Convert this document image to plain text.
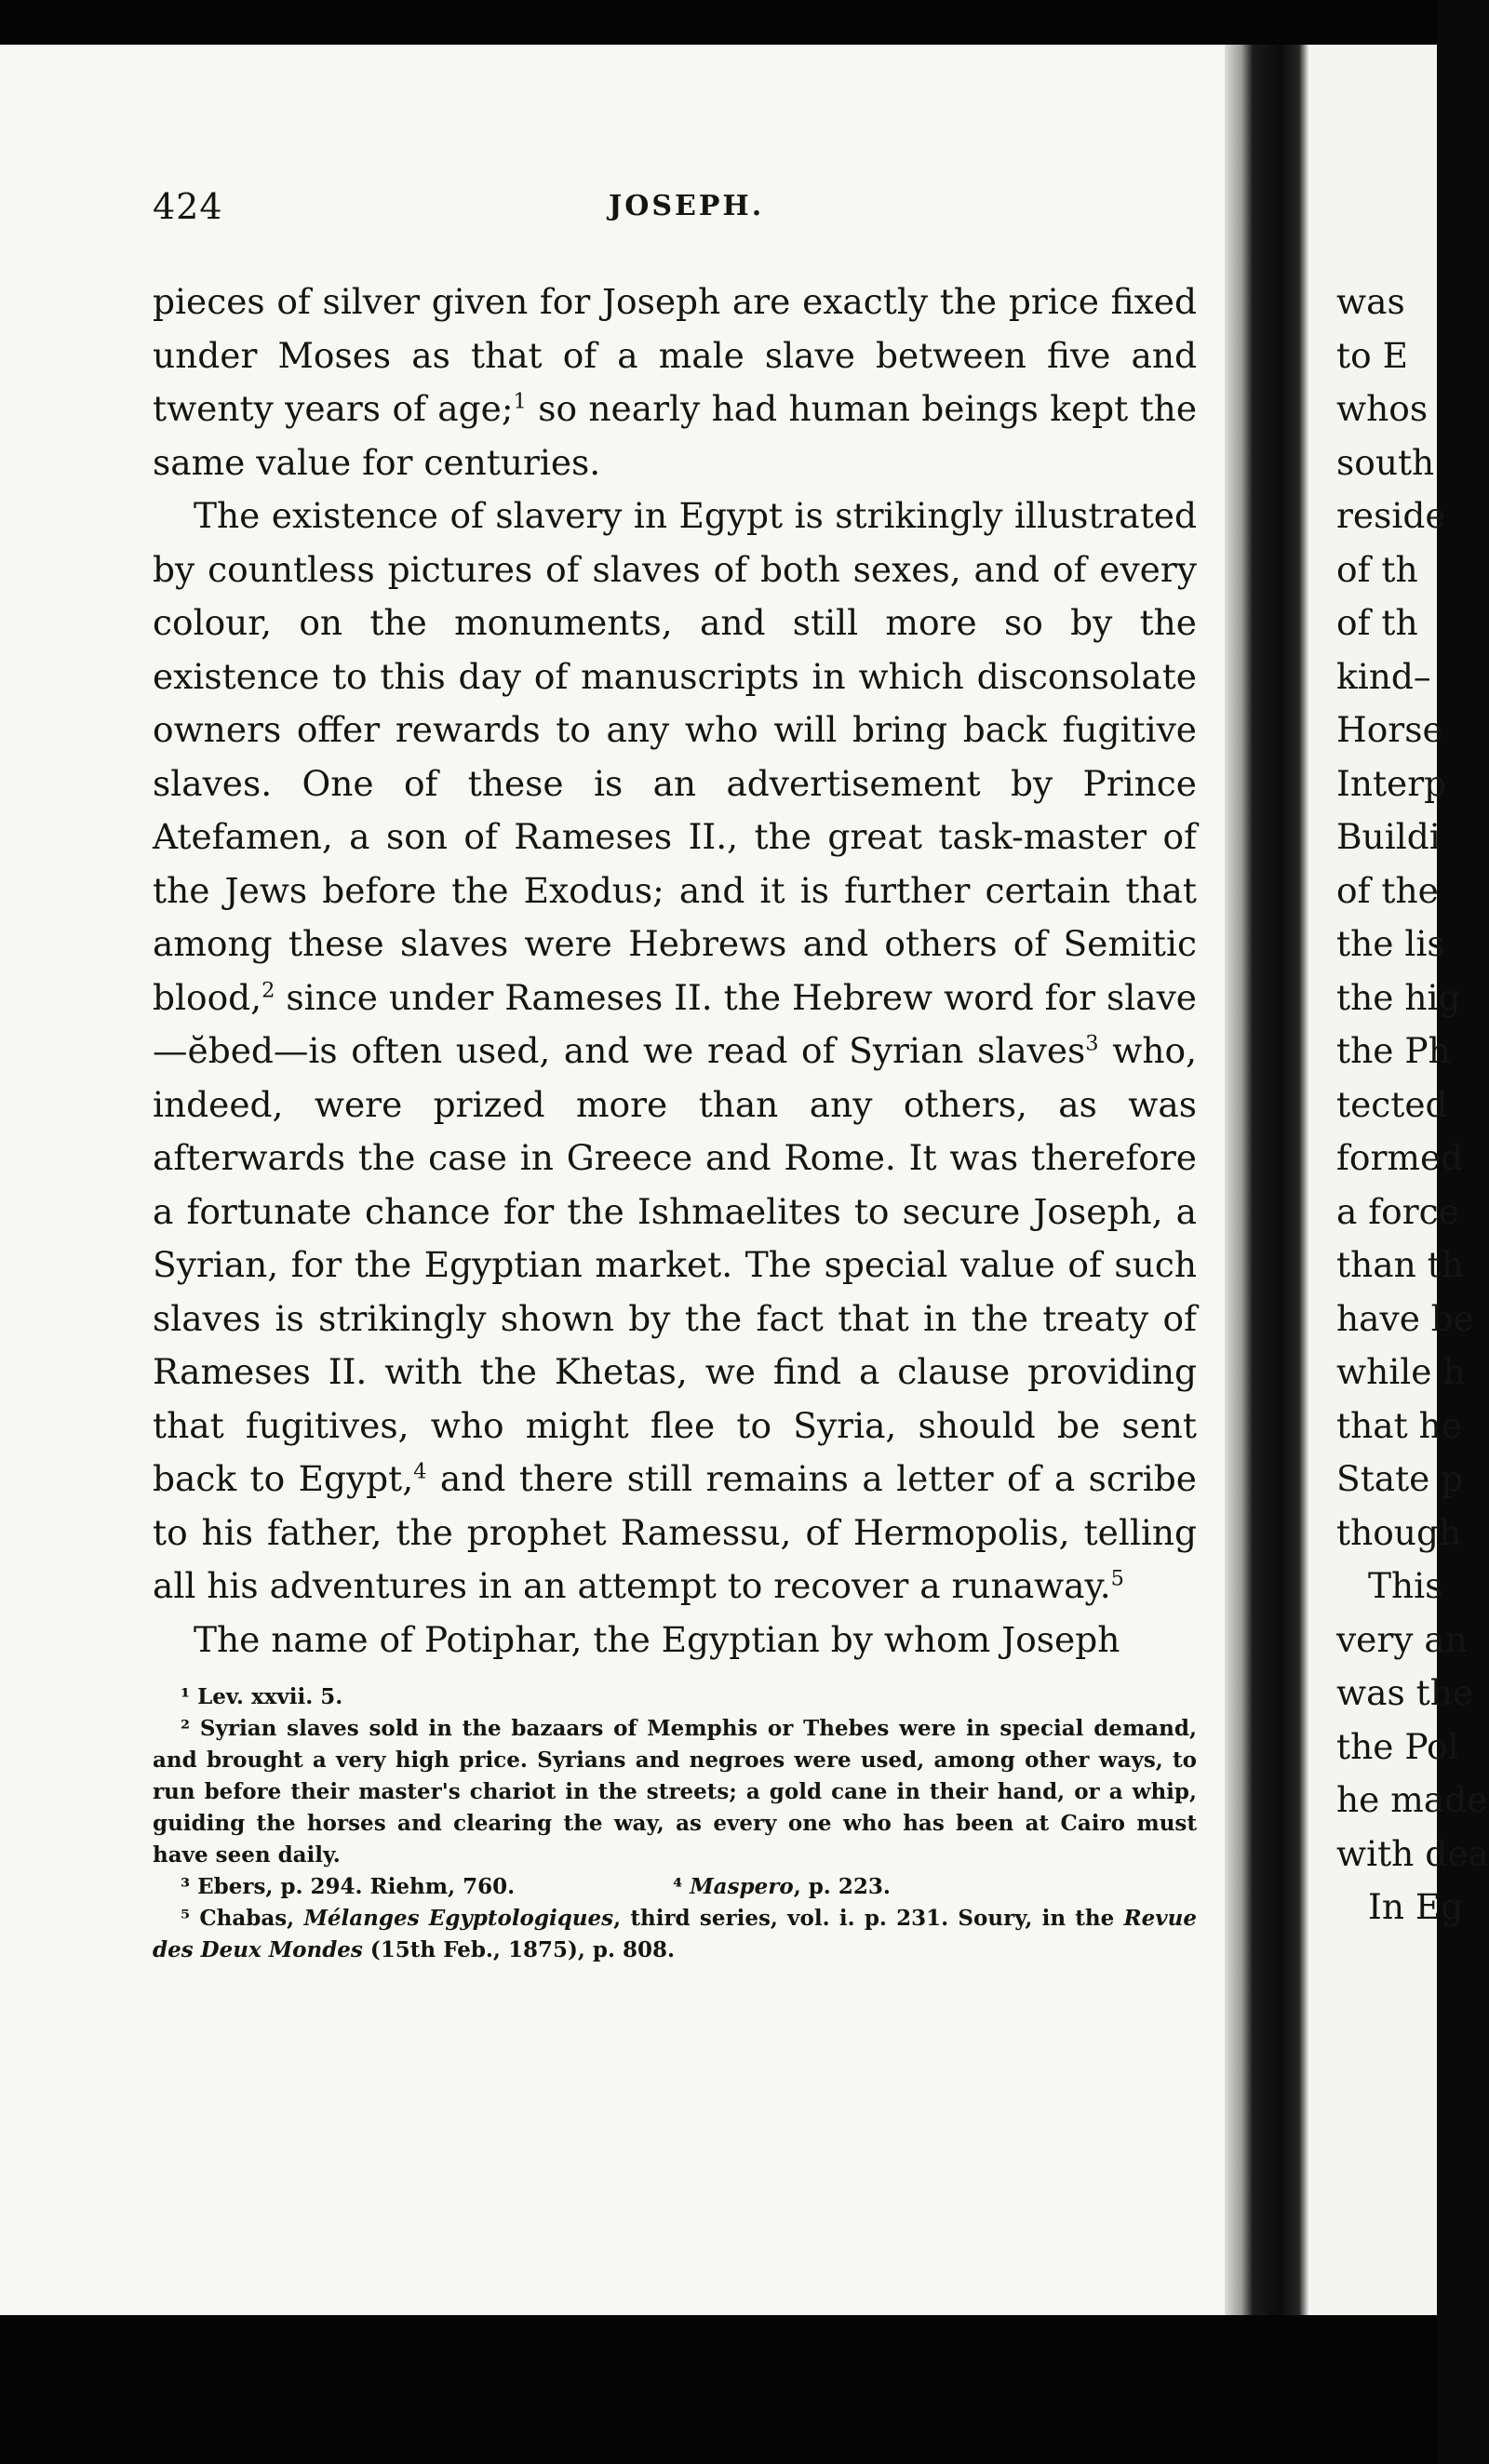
424	JOSEPH.

pieces of silver given for Joseph are exactly the price fixed under Moses as that of a male slave between five and twenty years of age;$^1$ so nearly had human beings kept the same value for centuries.

The existence of slavery in Egypt is strikingly illustrated by countless pictures of slaves of both sexes, and of every colour, on the monuments, and still more so by the existence to this day of manuscripts in which disconsolate owners offer rewards to any who will bring back fugitive slaves. One of these is an advertisement by Prince Atefamen, a son of Rameses II., the great task-master of the Jews before the Exodus; and it is further certain that among these slaves were Hebrews and others of Semitic blood,$^2$ since under Rameses II. the Hebrew word for slave —ĕbed—is often used, and we read of Syrian slaves$^3$ who, indeed, were prized more than any others, as was afterwards the case in Greece and Rome. It was therefore a fortunate chance for the Ishmaelites to secure Joseph, a Syrian, for the Egyptian market. The special value of such slaves is strikingly shown by the fact that in the treaty of Rameses II. with the Khetas, we find a clause providing that fugitives, who might flee to Syria, should be sent back to Egypt,$^4$ and there still remains a letter of a scribe to his father, the prophet Ramessu, of Hermopolis, telling all his adventures in an attempt to recover a runaway.$^5$

The name of Potiphar, the Egyptian by whom Joseph

¹ Lev. xxvii. 5.

² Syrian slaves sold in the bazaars of Memphis or Thebes were in special demand, and brought a very high price. Syrians and negroes were used, among other ways, to run before their master's chariot in the streets; a gold cane in their hand, or a whip, guiding the horses and clearing the way, as every one who has been at Cairo must have seen daily.

³ Ebers, p. 294. Riehm, 760.	⁴ Maspero, p. 223.

⁵ Chabas, Mélanges Egyptologiques, third series, vol. i. p. 231. Soury, in the Revue des Deux Mondes (15th Feb., 1875), p. 808.

was
to E
whos
south
reside
of th
of th
kind–
Horse
Interp
Buildi
of the
the lis
the hig
the Ph
tected
formed
a force
than th
have be
while h
that he
State p
though
This
very an
was the
the Pol
he made
with dea
In Eg
